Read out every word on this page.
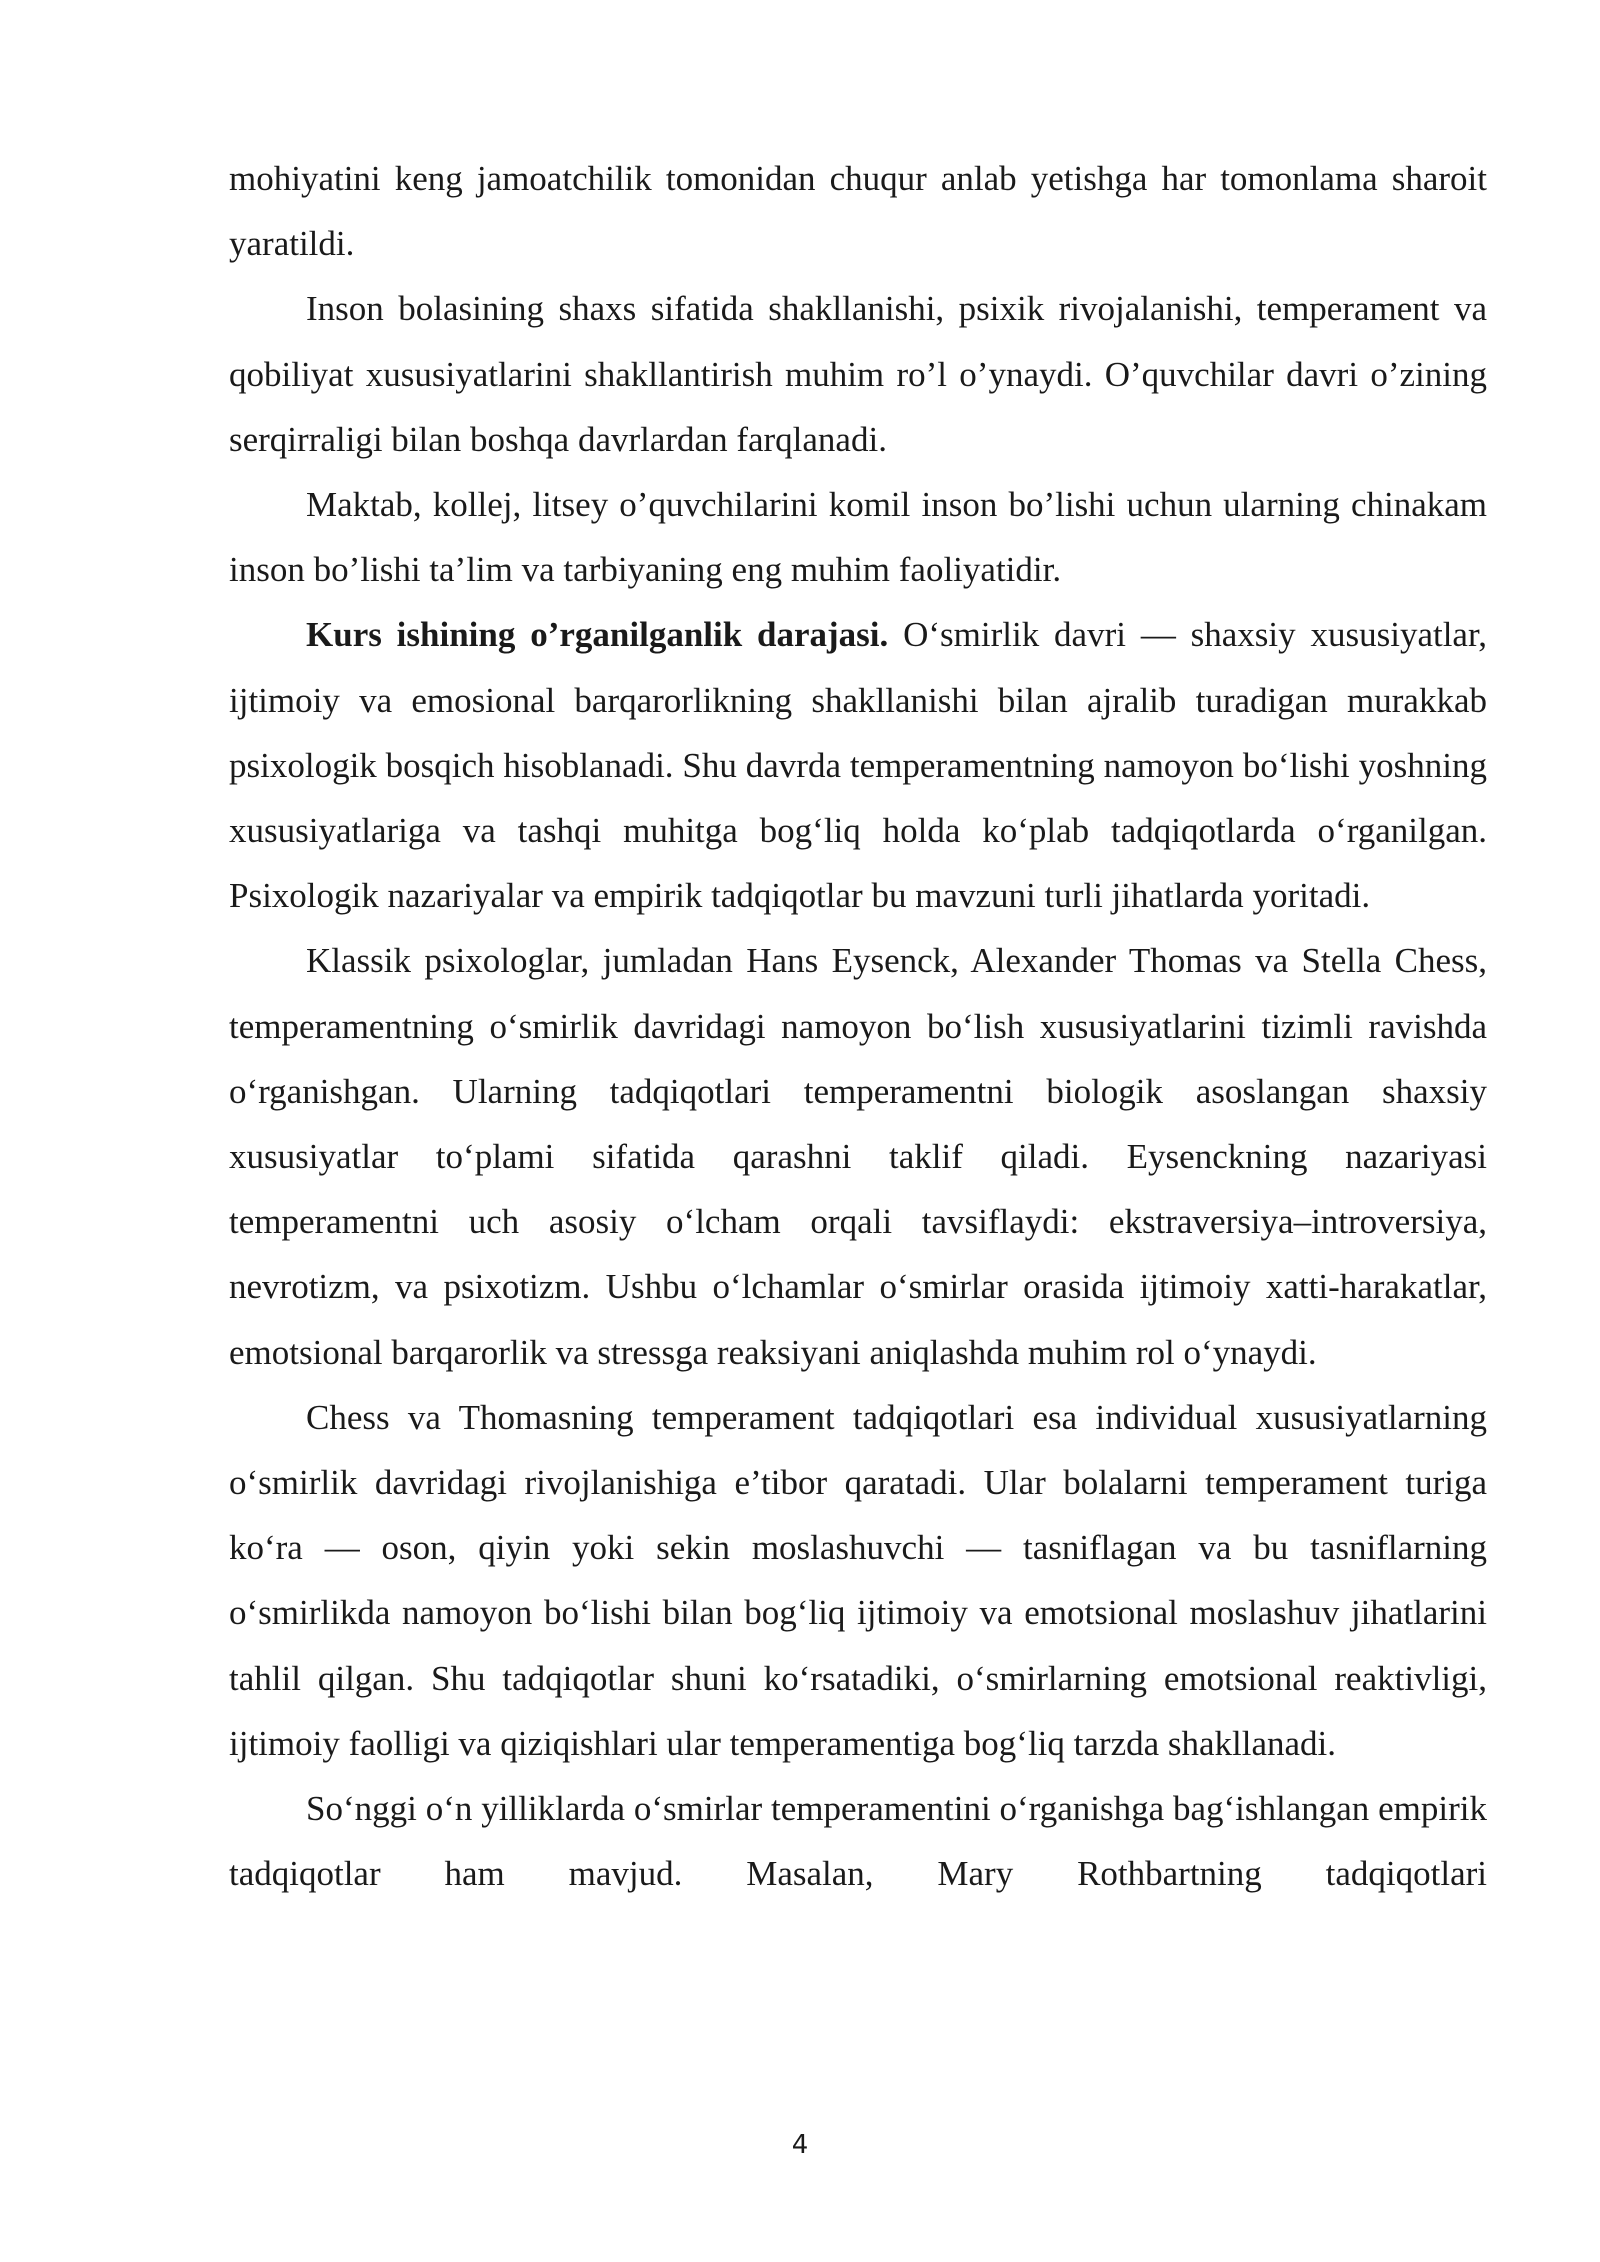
mohiyatini keng jamoatchilik tomonidan chuqur anlab yetishga har tomonlama sharoit yaratildi.

Inson bolasining shaxs sifatida shakllanishi, psixik rivojalanishi, temperament va qobiliyat xususiyatlarini shakllantirish muhim ro’l o’ynaydi. O’quvchilar davri o’zining serqirraligi bilan boshqa davrlardan farqlanadi.

Maktab, kollej, litsey o’quvchilarini komil inson bo’lishi uchun ularning chinakam inson bo’lishi ta’lim va tarbiyaning eng muhim faoliyatidir.

Kurs ishining o’rganilganlik darajasi. O‘smirlik davri — shaxsiy xususiyatlar, ijtimoiy va emosional barqarorlikning shakllanishi bilan ajralib turadigan murakkab psixologik bosqich hisoblanadi. Shu davrda temperamentning namoyon bo‘lishi yoshning xususiyatlariga va tashqi muhitga bog‘liq holda ko‘plab tadqiqotlarda o‘rganilgan. Psixologik nazariyalar va empirik tadqiqotlar bu mavzuni turli jihatlarda yoritadi.

Klassik psixologlar, jumladan Hans Eysenck, Alexander Thomas va Stella Chess, temperamentning o‘smirlik davridagi namoyon bo‘lish xususiyatlarini tizimli ravishda o‘rganishgan. Ularning tadqiqotlari temperamentni biologik asoslangan shaxsiy xususiyatlar to‘plami sifatida qarashni taklif qiladi. Eysenckning nazariyasi temperamentni uch asosiy o‘lcham orqali tavsiflaydi: ekstraversiya–introversiya, nevrotizm, va psixotizm. Ushbu o‘lchamlar o‘smirlar orasida ijtimoiy xatti-harakatlar, emotsional barqarorlik va stressga reaksiyani aniqlashda muhim rol o‘ynaydi.

Chess va Thomasning temperament tadqiqotlari esa individual xususiyatlarning o‘smirlik davridagi rivojlanishiga e’tibor qaratadi. Ular bolalarni temperament turiga ko‘ra — oson, qiyin yoki sekin moslashuvchi — tasniflagan va bu tasniflarning o‘smirlikda namoyon bo‘lishi bilan bog‘liq ijtimoiy va emotsional moslashuv jihatlarini tahlil qilgan. Shu tadqiqotlar shuni ko‘rsatadiki, o‘smirlarning emotsional reaktivligi, ijtimoiy faolligi va qiziqishlari ular temperamentiga bog‘liq tarzda shakllanadi.

So‘nggi o‘n yilliklarda o‘smirlar temperamentini o‘rganishga bag‘ishlangan empirik tadqiqotlar ham mavjud. Masalan, Mary Rothbartning tadqiqotlari

4
